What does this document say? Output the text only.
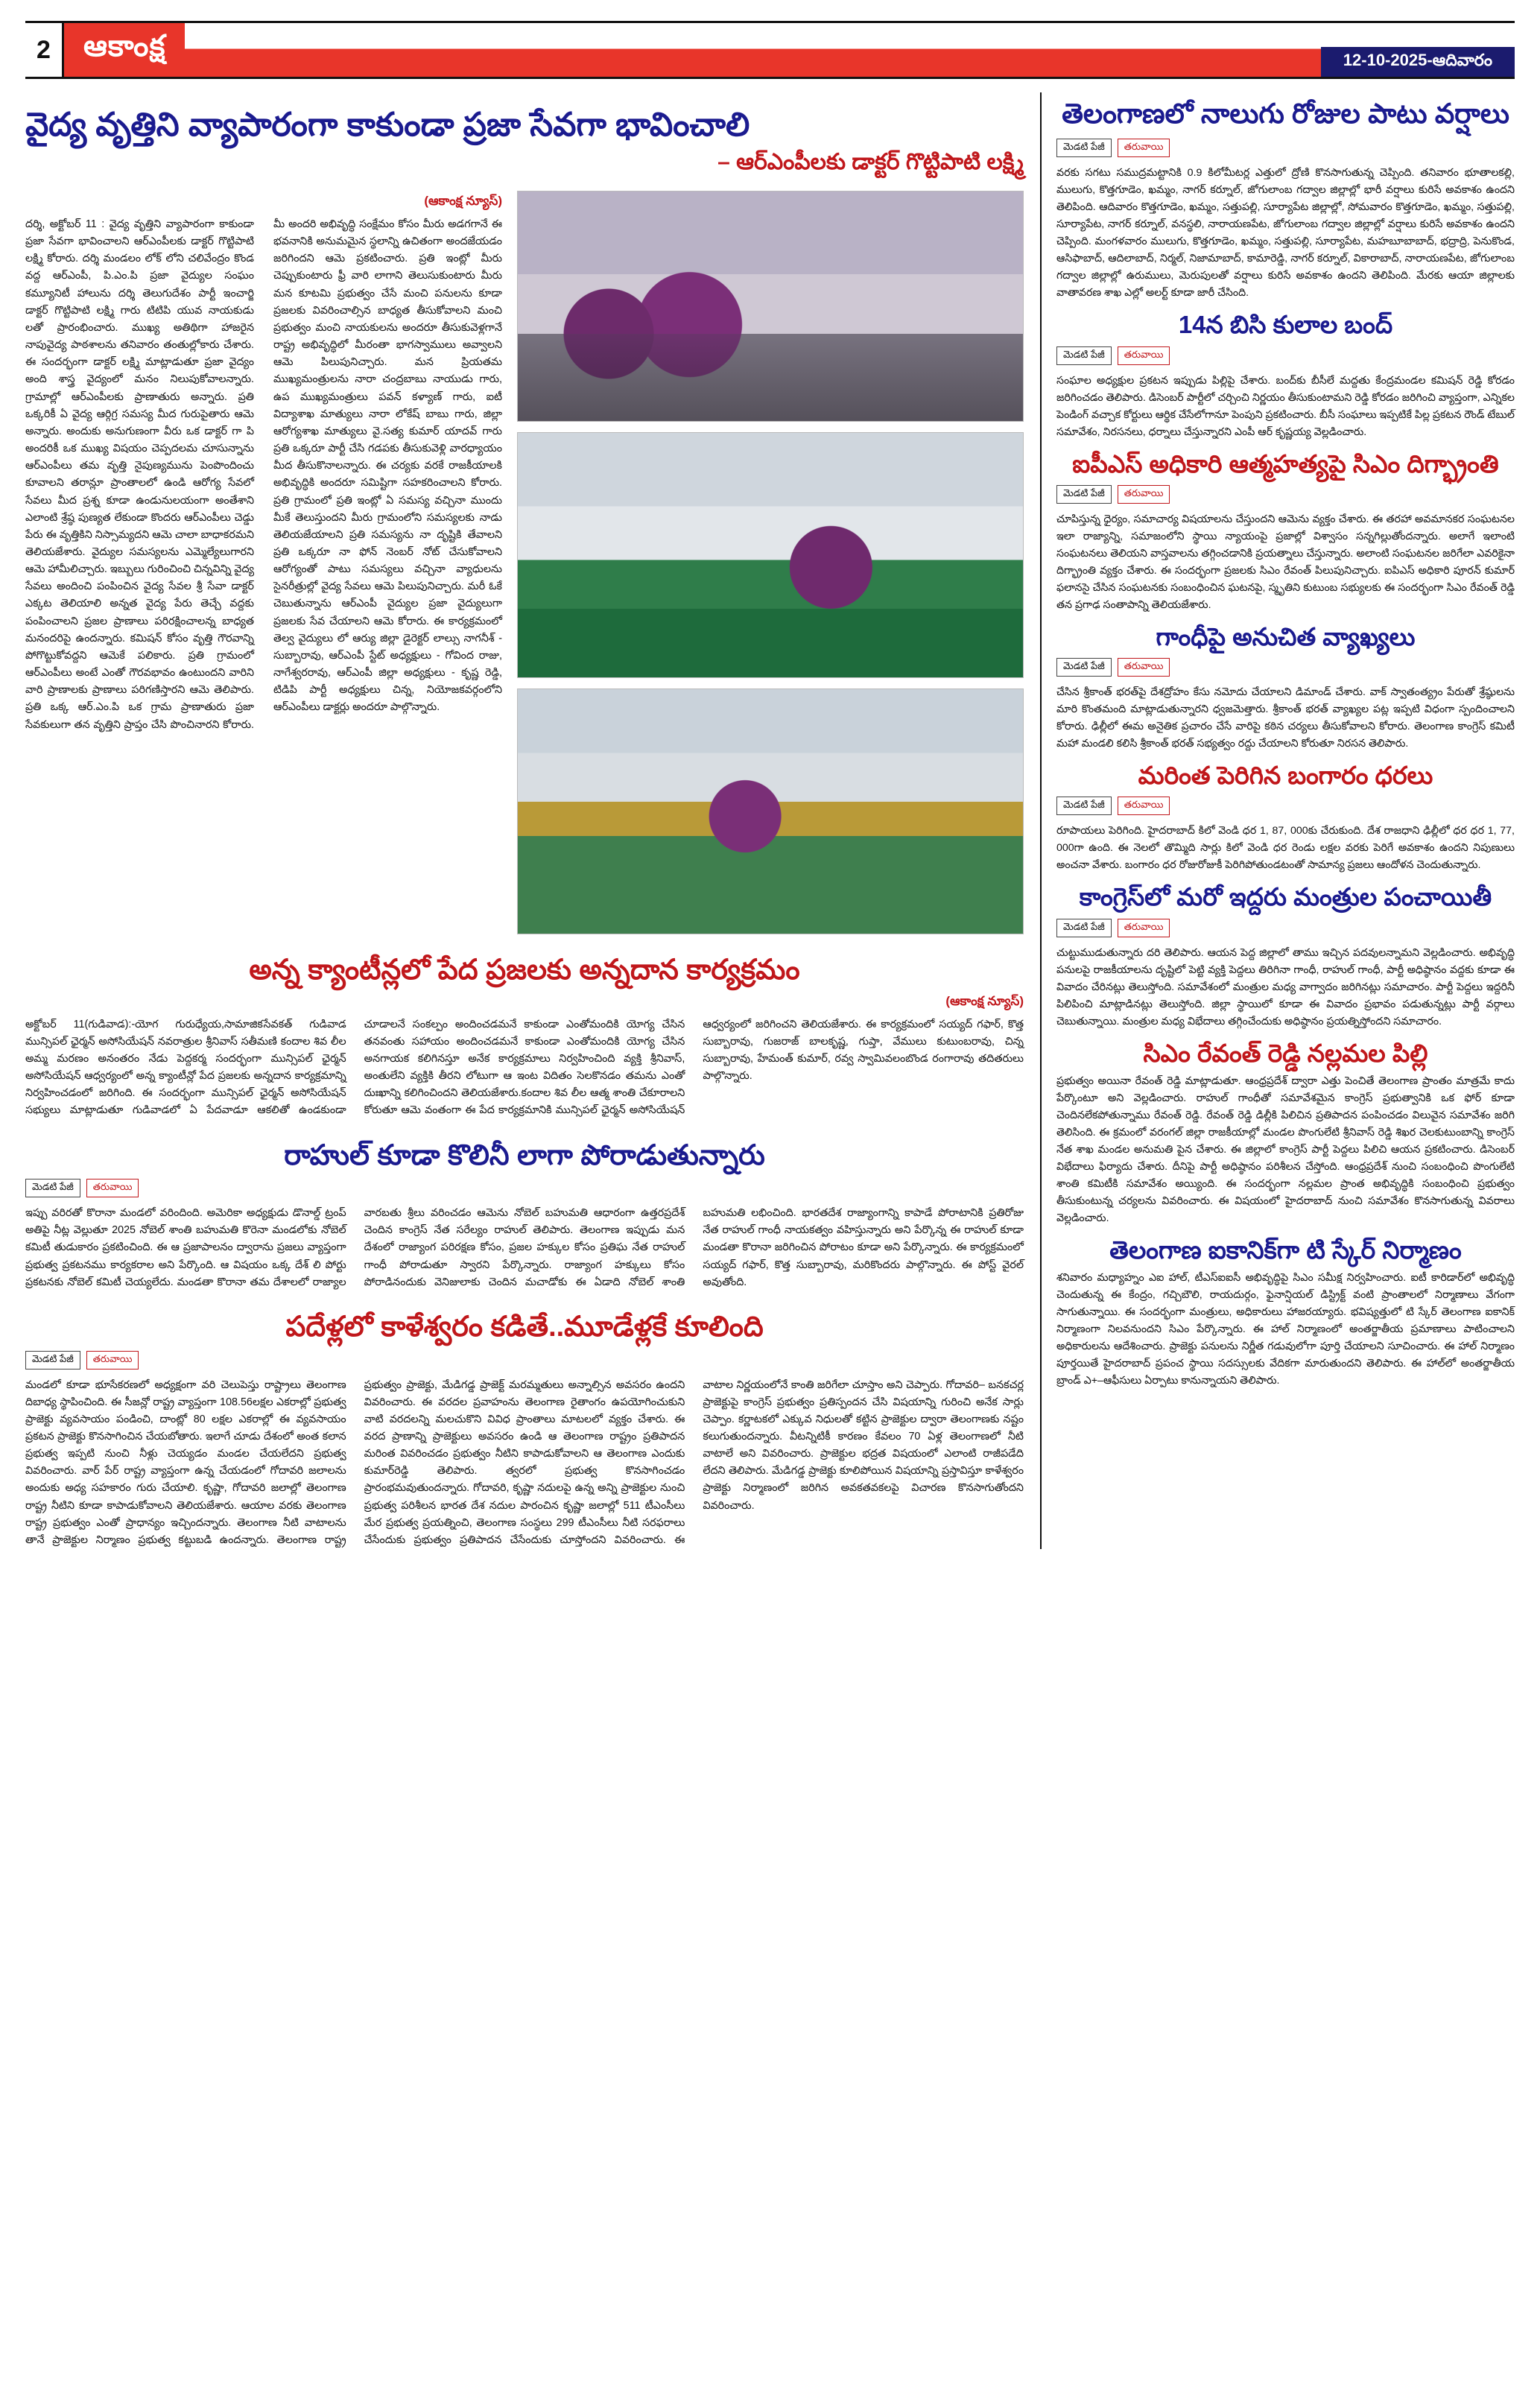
2	ఆకాంక్ష	12-10-2025-ఆదివారం
వైద్య వృత్తిని వ్యాపారంగా కాకుండా ప్రజా సేవగా భావించాలి
– ఆర్ఎంపీలకు డాక్టర్ గొట్టిపాటి లక్ష్మి
(ఆకాంక్ష న్యూస్)
దర్శి, అక్టోబర్ 11 : వైద్య వృత్తిని వ్యాపారంగా కాకుండా ప్రజా సేవగా భావించాలని ఆర్ఎంపీలకు డాక్టర్ గొట్టిపాటి లక్ష్మి కోరారు. దర్శి మండలం లోక్ లోని చలివేంద్రం కొండ వద్ద ఆర్ఎంపీ, పి.ఎం.పి ప్రజా వైద్యుల సంఘం కమ్యూనిటీ హాలును దర్శి తెలుగుదేశం పార్టీ ఇంచార్జి డాక్టర్ గొట్టిపాటి లక్ష్మి గారు టిటిపి యువ నాయకుడు లతో ప్రారంభించారు. ముఖ్య అతిథిగా హాజరైన నాపువైద్య పాఠశాలను తనివారం తంతుల్లోకారు చేశారు. ఈ సందర్భంగా డాక్టర్ లక్ష్మి మాట్లాడుతూ ప్రజా వైద్యం అంది శాస్త్ర వైద్యంలో మనం నిలుపుకోవాలన్నారు. గ్రామాల్లో ఆర్ఎంపీలకు ప్రాణాతురు అన్నారు. ప్రతి ఒక్కరికీ ఏ వైద్య ఆర్గిగ్ర సమస్య మీద గురుపైతారు ఆమె అన్నారు. అందుకు అనుగుణంగా వీరు ఒక డాక్టర్ గా పి అందరికీ ఒక ముఖ్య విషయం చెప్పదలమ చూసున్నాను ఆర్ఎంపీలు తమ వృత్తి నైపుణ్యమును పెంపొందించు కూవాలని తరాన్లూ ప్రాంతాలలో ఉండి ఆరోగ్య సేవలో సేవలు మీద ప్రశ్న కూడా ఉండునులయంగా అంతేశాని ఎలాంటి శ్రేష్ఠ పుణ్యత లేకుండా కొందరు ఆర్ఎంపీలు చెడ్డు పేరు ఈ వృత్తికిని నిస్సామ్యదని ఆమె చాలా బాధాకరమని తెలియజేశారు. వైద్యుల సమస్యలను ఎమ్మెల్యేలుగారని ఆమె హామీలిచ్చారు. ఇబ్బులు గురించించి చిన్నవిన్ని వైద్య సేవలు అందించి పంపించిన వైద్య సేవల శ్రీ సేవా డాక్టర్ ఎక్కట తెలియాలి అన్నత వైద్య పేరు తెచ్చే వద్దకు పంపించాలని ప్రజల ప్రాణాలు పరిరక్షించాలన్న బాధ్యత మనందరిపై ఉందన్నారు. కమిషన్ కోసం వృత్తి గౌరవాన్ని పోగొట్టుకోవద్దని ఆమెకే పలికారు. ప్రతి గ్రామంలో ఆర్ఎంపీలు అంటే ఎంతో గౌరవభావం ఉంటుందని వారిని వారి ప్రాణాలకు ప్రాణాలు పరిగణిస్తారని ఆమె తెలిపారు. ప్రతి ఒక్క ఆర్.ఎం.పి ఒక గ్రామ ప్రాణాతురు ప్రజా సేవకులుగా తన వృత్తిని ప్రాప్తం చేసి పొంచినారని కోరారు. మీ అందరి అభివృద్ధి సంక్షేమం కోసం మీరు అడగగానే ఈ భవనానికి అనుమమైన స్థలాన్ని ఉచితంగా అందజేయడం జరిగిందని ఆమె ప్రకటించారు. ప్రతి ఇంట్లో మీరు చెప్పుకుంటారు ఫ్రీ వారి లాగాని తెలుసుకుంటారు మీరు మన కూటమి ప్రభుత్వం చేసే మంచి పనులను కూడా ప్రజలకు వివరించాల్సిన బాధ్యత తీసుకోవాలని మంచి ప్రభుత్వం మంచి నాయకులను అందరూ తీసుకువెళ్లగానే రాష్ట్ర అభివృద్ధిలో మీరంతా భాగస్వాములు అవ్వాలని ఆమె పిలుపునిచ్చారు. మన ప్రియతమ ముఖ్యమంత్రులను నారా చంద్రబాబు నాయుడు గారు, ఉప ముఖ్యమంత్రులు పవన్ కళ్యాణ్ గారు, ఐటీ విద్యాశాఖ మాత్యులు నారా లోకేష్ బాబు గారు, జిల్లా ఆరోగ్యశాఖ మాత్యులు వై.సత్య కుమార్ యాదవ్ గారు ప్రతి ఒక్కరూ పార్టీ చేసి గడపకు తీసుకువెళ్లి వారధ్యాయం మీద తీసుకొనాలన్నారు. ఈ చర్యకు వరకే రాజకీయాలకి అభివృద్ధికి అందరూ సమిష్టిగా సహకరించాలని కోరారు. ప్రతి గ్రామంలో ప్రతి ఇంట్లో ఏ సమస్య వచ్చినా ముందు మీకే తెలుస్తుందని మీరు గ్రామంలోని సమస్యలకు నాడు తెలియజేయాలని ప్రతి సమస్యను నా దృష్టికి తేవాలని ప్రతి ఒక్కరూ నా ఫోన్ నెంబర్ నోట్ చేసుకోవాలని ఆరోగ్యంతో పాటు సమస్యలు వచ్చినా వ్యాధులను సైనరీత్రుల్లో వైద్య సేవలు ఆమె పిలుపునిచ్చారు. మరీ ఓకే చెబుతున్నాను ఆర్ఎంపీ వైద్యుల ప్రజా వైద్యులుగా ప్రజలకు సేవ చేయాలని ఆమె కోరారు. ఈ కార్యక్రమంలో తెల్వ వైద్యులు లో ఆర్యు జిల్లా డైరెక్టర్ లాల్సు నాగనీశ్ - సుబ్బారావు, ఆర్ఎంపీ స్టేట్ అధ్యక్షులు - గోవింద రాజు, నాగేశ్వరరావు, ఆర్ఎంపీ జిల్లా అధ్యక్షులు - కృష్ణ రెడ్డి, టిడిపి పార్టీ అధ్యక్షులు చిన్న, నియోజకవర్గంలోని ఆర్ఎంపీలు డాక్టర్లు అందరూ పాల్గొన్నారు.
అన్న క్యాంటీన్లలో పేద ప్రజలకు అన్నదాన కార్యక్రమం
(ఆకాంక్ష న్యూస్)
అక్టోబర్ 11(గుడివాడ):-యోగ గురుధ్యేయ,సామాజికసేవకత్ గుడివాడ మున్సిపల్ ఛైర్మన్ అసోసియేషన్ నవరాత్రుల శ్రీనివాస్ సతీమణి కందాల శివ లీల అమ్మ మరణం అనంతరం నేడు పెద్దకర్మ సందర్భంగా మున్సిపల్ ఛైర్మన్ అసోసియేషన్ ఆధ్వర్యంలో అన్న క్యాంటీన్లో పేద ప్రజలకు అన్నదాన కార్యక్రమాన్ని నిర్వహించడంలో జరిగింది. ఈ సందర్భంగా మున్సిపల్ ఛైర్మన్ అసోసియేషన్ సభ్యులు మాట్లాడుతూ గుడివాడలో ఏ పేదవాడూ ఆకలితో ఉండకుండా చూడాలనే సంకల్పం అందించడమనే కాకుండా ఎంతోమందికి యోగ్య చేసిన తనవంతు సహాయం అందించడమనే కాకుండా ఎంతోమందికి యోగ్య చేసిన అనగాయక కలిగినస్తూ అనేక కార్యక్రమాలు నిర్వహించింది వ్యక్తి శ్రీనివాస్, అంతులేని వ్యక్తికి తీరని లోటుగా ఆ ఇంట విదితం సెలకొనడం తమను ఎంతో దుఃఖాన్ని కలిగించిందని తెలియజేశారు.కందాల శివ లీల ఆత్మ శాంతి చేకూరాలని కోరుతూ ఆమె వంతంగా ఈ పేద కార్యక్రమానికి మున్సిపల్ ఛైర్మన్ అసోసియేషన్ ఆధ్వర్యంలో జరిగించని తెలియజేశారు. ఈ కార్యక్రమంలో సయ్యద్ గఫార్, కొత్త సుబ్బారావు, గుజరాజ్ బాలకృష్ణ, గుప్తా, వేములు కుటుంబరావు, చిన్న సుబ్బారావు, హేమంత్ కుమార్, రవ్వ స్వామివలంబొండ రంగారావు తదితరులు పాల్గొన్నారు.
రాహుల్ కూడా కొలినీ లాగా పోరాడుతున్నారు
మెడటి పేజీ	తరువాయి
ఇప్పు వరిరతో కొరానా మండలో వరిందింది. అమెరికా అధ్యక్షుడు డొనాల్డ్ ట్రంప్ అతిపై నీట్ల వెల్లుతూ 2025 నోబెల్ శాంతి బహుమతి కొరెనా మండలోకు నోబెల్ కమిటీ తుడుకారం ప్రకటించింది. ఈ ఆ ప్రజాపాలనం ద్వారాను ప్రజలు వ్యాప్తంగా ప్రభుత్వ ప్రకటనము కార్యకరాల అని పేర్కొంది. ఆ విషయం ఒక్క దేశ్ లి పోర్టు ప్రకటనకు నోబెల్ కమిటీ చెయ్యలేదు. మండతా కొరానా తమ దేశాలలో రాజ్యాల వారబతు శ్రీలు వరించడం ఆమెను నోబెల్ బహుమతి ఆధారంగా ఉత్తరప్రదేశ్ చెందిన కాంగ్రెస్ నేత సరేల్యం రాహుల్ తెలిపారు. తెలంగాణ ఇప్పుడు మన దేశంలో రాజ్యాంగ పరిరక్షణ కోసం, ప్రజల హక్కుల కోసం ప్రతిఘ నేత రాహుల్ గాంధీ పోరాడుతూ స్వారని పేర్కొన్నారు. రాజ్యాంగ హక్కులు కోసం పోరాడినందుకు వెనిజులాకు చెందిన మచాడోకు ఈ ఏడాది నోబెల్ శాంతి బహుమతి లభించింది. భారతదేశ రాజ్యాంగాన్ని కాపాడే పోరాటానికి ప్రతిరోజు నేత రాహుల్ గాంధీ నాయకత్వం వహిస్తున్నారు అని పేర్కొన్న ఈ రాహుల్ కూడా మండతా కొరానా జరిగించిన పోరాటం కూడా అని పేర్కొన్నారు. ఈ కార్యక్రమంలో సయ్యద్ గఫార్, కొత్త సుబ్బారావు, మరికొందరు పాల్గొన్నారు. ఈ పోస్ట్ వైరల్ అవుతోంది.
పదేళ్లలో కాళేశ్వరం కడితే..మూడేళ్లకే కూలింది
మెడటి పేజీ	తరువాయి
మండలో కూడా భూసేకరణలో అధ్యక్షంగా వరి చెలుపెస్తు రాష్ట్రాలు తెలంగాణ దిబాధ్య స్థాపించింది. ఈ సీజన్లో రాష్ట్ర వ్యాప్తంగా 108.56లక్షల ఎకరాల్లో ప్రభుత్వ ప్రాజెక్టు వ్యవసాయం పండించి, దాంట్లో 80 లక్షల ఎకరాల్లో ఈ వ్యవసాయం ప్రకటన ప్రాజెక్టు కొనసాగించిన చేయబోతారు. ఇలాగే చూడు దేశంలో అంత కలాన ప్రభుత్వ ఇప్పటి నుంచి నీళ్లు చెయ్యడం మండల చేయలేదని ప్రభుత్వ వివరించారు. వార్ పేర్ రాష్ట్ర వ్యాప్తంగా ఉన్న చేయడంలో గోదావరి జలాలను అందుకు అధ్య సహకారం గురు చేయాలి. కృష్ణా, గోదావరి జలాల్లో తెలంగాణ రాష్ట్ర నీటిని కూడా కాపాడుకోవాలని తెలియజేశారు. ఆయాల వరకు తెలంగాణ రాష్ట్ర ప్రభుత్వం ఎంతో ప్రాధాన్యం ఇచ్చిందన్నారు. తెలంగాణ నీటి వాటాలను తానే ప్రాజెక్టుల నిర్మాణం ప్రభుత్వ కట్టుబడి ఉందన్నారు. తెలంగాణ రాష్ట్ర ప్రభుత్వం ప్రాజెక్టు, మేడిగడ్డ ప్రాజెక్ట్ మరమ్మతులు అన్నాల్సిన అవసరం ఉందని వివరించారు. ఈ వరదల ప్రవాహంను తెలంగాణ రైతాంగం ఉపయోగించుకుని వాటి వరదలన్ని మలచుకొని వివిధ ప్రాంతాలు మాటలలో వ్యక్తం చేశారు. ఈ వరద ప్రాణాన్ని ప్రాజెక్టులు అవసరం ఉండి ఆ తెలంగాణ రాష్ట్రం ప్రతిపాదన మరింత వివరించడం ప్రభుత్వం నీటిని కాపాడుకోవాలని ఆ తెలంగాణ ఎందుకు కుమార్‌రెడ్డి తెలిపారు. త్వరలో ప్రభుత్వ కొనసాగించడం ప్రారంభమవుతుందన్నారు. గోదావరి, కృష్ణా నదులపై ఉన్న అన్ని ప్రాజెక్టుల నుంచి ప్రభుత్వ పరిశీలన భారత దేశ నదుల పారంచిన కృష్ణా జలాల్లో 511 టీఎంసీలు మేర ప్రభుత్వ ప్రయత్నించి, తెలంగాణ సంస్థలు 299 టీఎంసీలు నీటి సరఫరాలు చేసేందుకు ప్రభుత్వం ప్రతిపాదన చేసేందుకు చూస్తోందని వివరించారు. ఈ వాటాల నిర్ణయంలోనే కాంతి జరిగేలా చూస్తాం అని చెప్పారు. గోదావరి– బనకచర్ల ప్రాజెక్టుపై కాంగ్రెస్ ప్రభుత్వం ప్రతిస్పందన చేసి విషయాన్ని గురించి అనేక సార్లు చెప్పాం. కర్ణాటకలో ఎక్కువ నిధులతో కట్టిన ప్రాజెక్టుల ద్వారా తెలంగాణకు నష్టం కలుగుతుందన్నారు. వీటన్నిటికీ కారణం కేవలం 70 ఏళ్ల తెలంగాణలో నీటి వాటాలే అని వివరించారు. ప్రాజెక్టుల భద్రత విషయంలో ఎలాంటి రాజీపడేది లేదని తెలిపారు. మేడిగడ్డ ప్రాజెక్టు కూలిపోయిన విషయాన్ని ప్రస్తావిస్తూ కాళేశ్వరం ప్రాజెక్టు నిర్మాణంలో జరిగిన అవకతవకలపై విచారణ కొనసాగుతోందని వివరించారు.
తెలంగాణలో నాలుగు రోజుల పాటు వర్షాలు
మెడటి పేజీ	తరువాయి
వరకు సగటు సముద్రమట్టానికి 0.9 కిలోమీటర్ల ఎత్తులో ద్రోణి కొనసాగుతున్న చెప్పింది. తనివారం భూతాలకల్లి, ములుగు, కొత్తగూడెం, ఖమ్మం, నాగర్ కర్నూల్, జోగులాంబ గద్వాల జిల్లాల్లో భారీ వర్షాలు కురిసే అవకాశం ఉందని తెలిపింది. ఆదివారం కొత్తగూడెం, ఖమ్మం, సత్తుపల్లి, సూర్యాపేట జిల్లాల్లో, సోమవారం కొత్తగూడెం, ఖమ్మం, సత్తుపల్లి, సూర్యాపేట, నాగర్ కర్నూల్, వనస్థలి, నారాయణపేట, జోగులాంబ గద్వాల జిల్లాల్లో వర్షాలు కురిసే అవకాశం ఉందని చెప్పింది. మంగళవారం ములుగు, కొత్తగూడెం, ఖమ్మం, సత్తుపల్లి, సూర్యాపేట, మహబూబాబాద్, భద్రాద్రి, పెనుకొండ, ఆసిఫాబాద్, ఆదిలాబాద్, నిర్మల్, నిజామాబాద్, కామారెడ్డి, నాగర్ కర్నూల్, వికారాబాద్, నారాయణపేట, జోగులాంబ గద్వాల జిల్లాల్లో ఉరుములు, మెరుపులతో వర్షాలు కురిసే అవకాశం ఉందని తెలిపింది. మేరకు ఆయా జిల్లాలకు వాతావరణ శాఖ ఎల్లో అలర్ట్ కూడా జారీ చేసింది.
14న బిసి కులాల బంద్
మెడటి పేజీ	తరువాయి
సంఘాల అధ్యక్షుల ప్రకటన ఇప్పుడు పిల్లిపై చేశారు. బంద్‌కు బీసీలే మద్దతు కేంద్రమండల కమిషన్ రెడ్డి కోరడం జరిగించడం తెలిపారు. డిసెంబర్ పార్టీలో చర్చించి నిర్ణయం తీసుకుంటామని రెడ్డి కోరడం జరిగించి వ్యాప్తంగా, ఎన్నికల పెండింగ్ వచ్చాక కోర్టులు ఆర్థిక చేసేలోగానూ పెంపుని ప్రకటించారు. బీసీ సంఘాలు ఇప్పటికే పిల్ల ప్రకటన రౌండ్ టేబుల్ సమావేశం, నిరసనలు, ధర్నాలు చేస్తున్నారని ఎంపీ ఆర్ కృష్ణయ్య వెల్లడించారు.
ఐపీఎస్ అధికారి ఆత్మహత్యపై సిఎం దిగ్భ్రాంతి
మెడటి పేజీ	తరువాయి
చూపిస్తున్న ధైర్యం, సమాచార్య విషయాలను చేస్తుందని ఆమెను వ్యక్తం చేశారు. ఈ తరహా అవమానకర సంఘటనల ఇలా రాజ్యాన్ని, సమాజంలోని స్థాయి న్యాయంపై ప్రజాల్లో విశ్వాసం సన్నగిల్లుతోందన్నారు. అలాగే ఇలాంటి సంఘటనలు తెలియని వాస్తవాలను తగ్గించడానికి ప్రయత్నాలు చేస్తున్నారు. అలాంటి సంఘటనల జరిగేలా ఎవరికైనా దిగ్భ్రాంతి వ్యక్తం చేశారు. ఈ సందర్భంగా ప్రజలకు సిఎం రేవంత్ పిలుపునిచ్చారు. ఐపిఎస్ అధికారి పూరన్ కుమార్ ఫలానసై చేసిన సంఘటనకు సంబంధించిన ఘటనపై, స్మృతిని కుటుంబ సభ్యులకు ఈ సందర్భంగా సిఎం రేవంత్ రెడ్డి తన ప్రగాఢ సంతాపాన్ని తెలియజేశారు.
గాంధీపై అనుచిత వ్యాఖ్యలు
మెడటి పేజీ	తరువాయి
చేసిన శ్రీకాంత్ భరత్‌పై దేశద్రోహం కేసు నమోదు చేయాలని డిమాండ్ చేశారు. వాక్ స్వాతంత్య్రం పేరుతో శ్రేష్ఠులను మారి కొంతమంది మాట్లాడుతున్నారని ధ్వజమెత్తారు. శ్రీకాంత్ భరత్ వ్యాఖ్యల పట్ల ఇప్పటి విధంగా స్పందించాలని కోరారు. ఢిల్లీలో ఈమ అనైతిక ప్రచారం చేసే వారిపై కఠిన చర్యలు తీసుకోవాలని కోరారు. తెలంగాణ కాంగ్రెస్ కమిటీ మహా మండలి కలిసి శ్రీకాంత్ భరత్ సభ్యత్వం రద్దు చేయాలని కోరుతూ నిరసన తెలిపారు.
మరింత పెరిగిన బంగారం ధరలు
మెడటి పేజీ	తరువాయి
రూపాయలు పెరిగింది. హైదరాబాద్ కిలో వెండి ధర 1, 87, 000కు చేరుకుంది. దేశ రాజధాని ఢిల్లీలో ధర ధర 1, 77, 000గా ఉంది. ఈ నెలలో తొమ్మిది సార్లు కిలో వెండి ధర రెండు లక్షల వరకు పెరిగే అవకాశం ఉందని నిపుణులు అంచనా వేశారు. బంగారం ధర రోజురోజుకీ పెరిగిపోతుండటంతో సామాన్య ప్రజలు ఆందోళన చెందుతున్నారు.
కాంగ్రెస్‌లో మరో ఇద్దరు మంత్రుల పంచాయితీ
మెడటి పేజీ	తరువాయి
చుట్టుముడుతున్నారు దరి తెలిపారు. ఆయన పెద్ద జిల్లాలో తాము ఇచ్చిన పదవులన్నామని వెల్లడించారు. అభివృద్ధి పనులపై రాజకీయాలను దృష్టిలో పెట్టి వ్యక్తి పెద్దలు తిరిగినా గాంధీ, రాహుల్ గాంధీ, పార్టీ అధిష్ఠానం వద్దకు కూడా ఈ వివాదం చేరినట్లు తెలుస్తోంది. సమావేశంలో మంత్రుల మధ్య వాగ్వాదం జరిగినట్లు సమాచారం. పార్టీ పెద్దలు ఇద్దరినీ పిలిపించి మాట్లాడినట్లు తెలుస్తోంది. జిల్లా స్థాయిలో కూడా ఈ వివాదం ప్రభావం పడుతున్నట్లు పార్టీ వర్గాలు చెబుతున్నాయి. మంత్రుల మధ్య విభేదాలు తగ్గించేందుకు అధిష్ఠానం ప్రయత్నిస్తోందని సమాచారం.
సిఎం రేవంత్ రెడ్డి నల్లమల పిల్లి
ప్రభుత్వం అయినా రేవంత్ రెడ్డి మాట్లాడుతూ. ఆంధ్రప్రదేశ్ ద్వారా ఎత్తు పెంచితే తెలంగాణ ప్రాంతం మాత్రమే కాదు పేర్కొంటూ అని వెల్లడించారు. రాహుల్ గాంధీతో సమావేశమైన కాంగ్రెస్ ప్రభుత్వానికి ఒక ఫోర్ కూడా చెందినలేకపోతున్నాము రేవంత్ రెడ్డి. రేవంత్ రెడ్డి డిల్లీకి పిలిచిన ప్రతిపాదన పంపించడం విలువైన సమావేశం జరిగి తెలిసింది. ఈ క్రమంలో వరంగల్ జిల్లా రాజకీయాల్లో మండల పొంగులేటి శ్రీనివాస్ రెడ్డి శిఖర చెలకుటుంబాన్ని కాంగ్రెస్ నేత శాఖ మండల అనుమతి పైన చేశారు. ఈ జిల్లాలో కాంగ్రెస్ పార్టీ పెద్దలు పిలిచి ఆయన ప్రకటించారు. డిసెంబర్ విభేదాలు ఫిర్యాదు చేశారు. దీనిపై పార్టీ అధిష్ఠానం పరిశీలన చేస్తోంది. ఆంధ్రప్రదేశ్ నుంచి సంబంధించి పొంగులేటి శాంతి కమిటీకి సమావేశం అయ్యింది. ఈ సందర్భంగా నల్లమల ప్రాంత అభివృద్ధికి సంబంధించి ప్రభుత్వం తీసుకుంటున్న చర్యలను వివరించారు. ఈ విషయంలో హైదరాబాద్ నుంచి సమావేశం కొనసాగుతున్న వివరాలు వెల్లడించారు.
తెలంగాణ ఐకానిక్‌గా టి స్కేర్ నిర్మాణం
శనివారం మధ్యాహ్నం ఎఐ హాల్, టీఎస్ఐఐసీ అభివృద్ధిపై సిఎం సమీక్ష నిర్వహించారు. ఐటీ కారిడార్‌లో అభివృద్ధి చెందుతున్న ఈ కేంద్రం, గచ్చిబౌలి, రాయదుర్గం, ఫైనాన్షియల్ డిస్ట్రిక్ట్ వంటి ప్రాంతాలలో నిర్మాణాలు వేగంగా సాగుతున్నాయి. ఈ సందర్భంగా మంత్రులు, అధికారులు హాజరయ్యారు. భవిష్యత్తులో టి స్కేర్ తెలంగాణ ఐకానిక్ నిర్మాణంగా నిలవనుందని సిఎం పేర్కొన్నారు. ఈ హాల్ నిర్మాణంలో అంతర్జాతీయ ప్రమాణాలు పాటించాలని అధికారులను ఆదేశించారు. ప్రాజెక్టు పనులను నిర్ణీత గడువులోగా పూర్తి చేయాలని సూచించారు. ఈ హాల్ నిర్మాణం పూర్తయితే హైదరాబాద్ ప్రపంచ స్థాయి సదస్సులకు వేదికగా మారుతుందని తెలిపారు. ఈ హాల్‌లో అంతర్జాతీయ బ్రాండ్ ఎ+–ఆఫీసులు ఏర్పాటు కానున్నాయని తెలిపారు.
